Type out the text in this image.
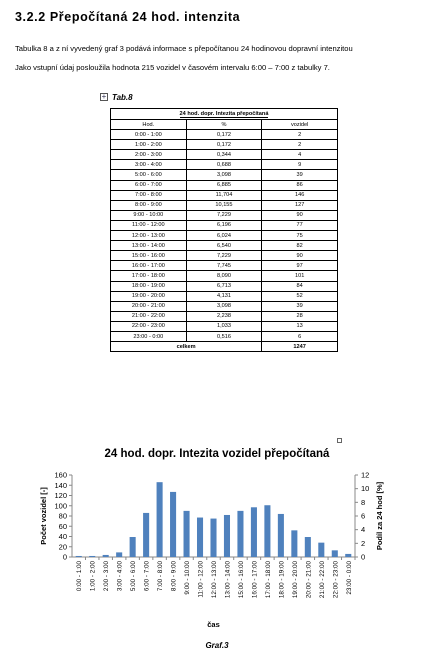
3.2.2 Přepočítaná 24 hod. intenzita
Tabulka 8 a z ní vyvedený graf 3 podává informace s přepočítanou 24 hodinovou dopravní intenzitou
Jako vstupní údaj posloužila hodnota 215 vozidel v časovém intervalu 6:00 – 7:00 z tabulky 7.
+ Tab.8
24 hod. dopr. Intezita přepočítaná		
Hod.	%	vozidel
0:00 - 1:00	0,172	2
1:00 - 2:00	0,172	2
2:00 - 3:00	0,344	4
3:00 - 4:00	0,688	9
5:00 - 6:00	3,098	39
6:00 - 7:00	6,885	86
7:00 - 8:00	11,704	146
8:00 - 9:00	10,155	127
9:00 - 10:00	7,229	90
11:00 - 12:00	6,196	77
12:00 - 13:00	6,024	75
13:00 - 14:00	6,540	82
15:00 - 16:00	7,229	90
16:00 - 17:00	7,745	97
17:00 - 18:00	8,090	101
18:00 - 19:00	6,713	84
19:00 - 20:00	4,131	52
20:00 - 21:00	3,098	39
21:00 - 22:00	2,238	28
22:00 - 23:00	1,033	13
23:00 - 0:00	0,516	6
celkem		1247
24 hod. dopr. Intezita vozidel přepočítaná
0
20
40
60
80
100
120
140
160
0
2
4
6
8
10
12
0:00 - 1:00 1:00 - 2:00 2:00 - 3:00 3:00 - 4:00 5:00 - 6:00 6:00 - 7:00 7:00 - 8:00 8:00 - 9:00 9:00 - 10:00 11:00 - 12:00 12:00 - 13:00 13:00 - 14:00 15:00 - 16:00 16:00 - 17:00 17:00 - 18:00 18:00 - 19:00 19:00 - 20:00 20:00 - 21:00 21:00 - 22:00 22:00 - 23:00 23:00 - 0:00
Počet vozidel [-]	Podíl za 24 hod [%]
čas
Graf.3
